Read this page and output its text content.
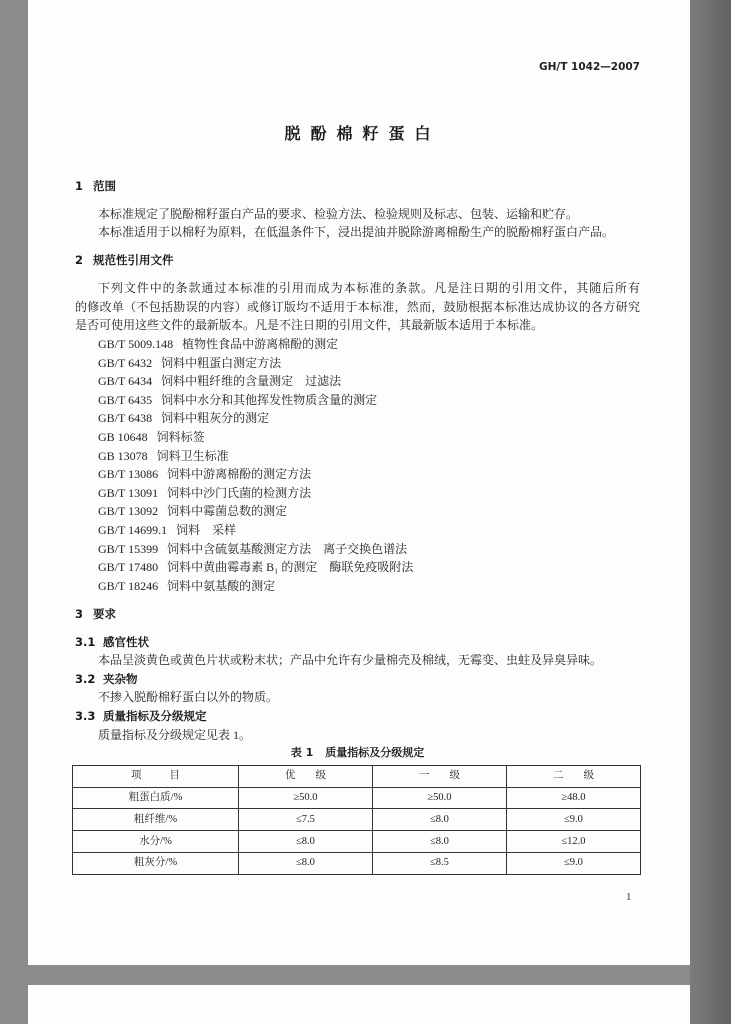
GH/T 1042—2007
脱酚棉籽蛋白
1 范围
本标准规定了脱酚棉籽蛋白产品的要求、检验方法、检验规则及标志、包装、运输和贮存。
本标准适用于以棉籽为原料，在低温条件下，浸出提油并脱除游离棉酚生产的脱酚棉籽蛋白产品。
2 规范性引用文件
下列文件中的条款通过本标准的引用而成为本标准的条款。凡是注日期的引用文件，其随后所有
的修改单（不包括勘误的内容）或修订版均不适用于本标准，然而，鼓励根据本标准达成协议的各方研究
是否可使用这些文件的最新版本。凡是不注日期的引用文件，其最新版本适用于本标准。
GB/T 5009.148 植物性食品中游离棉酚的测定
GB/T 6432 饲料中粗蛋白测定方法
GB/T 6434 饲料中粗纤维的含量测定　过滤法
GB/T 6435 饲料中水分和其他挥发性物质含量的测定
GB/T 6438 饲料中粗灰分的测定
GB 10648 饲料标签
GB 13078 饲料卫生标准
GB/T 13086 饲料中游离棉酚的测定方法
GB/T 13091 饲料中沙门氏菌的检测方法
GB/T 13092 饲料中霉菌总数的测定
GB/T 14699.1 饲料　采样
GB/T 15399 饲料中含硫氨基酸测定方法　离子交换色谱法
GB/T 17480 饲料中黄曲霉毒素 B₁ 的测定　酶联免疫吸附法
GB/T 18246 饲料中氨基酸的测定
3 要求
3.1 感官性状
本品呈淡黄色或黄色片状或粉末状；产品中允许有少量棉壳及棉绒，无霉变、虫蛀及异臭异味。
3.2 夹杂物
不掺入脱酚棉籽蛋白以外的物质。
3.3 质量指标及分级规定
质量指标及分级规定见表 1。
表 1 质量指标及分级规定
项目	优级	一级	二级
粗蛋白质/%	≥50.0	≥50.0	≥48.0
粗纤维/%	≤7.5	≤8.0	≤9.0
水分/%	≤8.0	≤8.0	≤12.0
粗灰分/%	≤8.0	≤8.5	≤9.0
1
